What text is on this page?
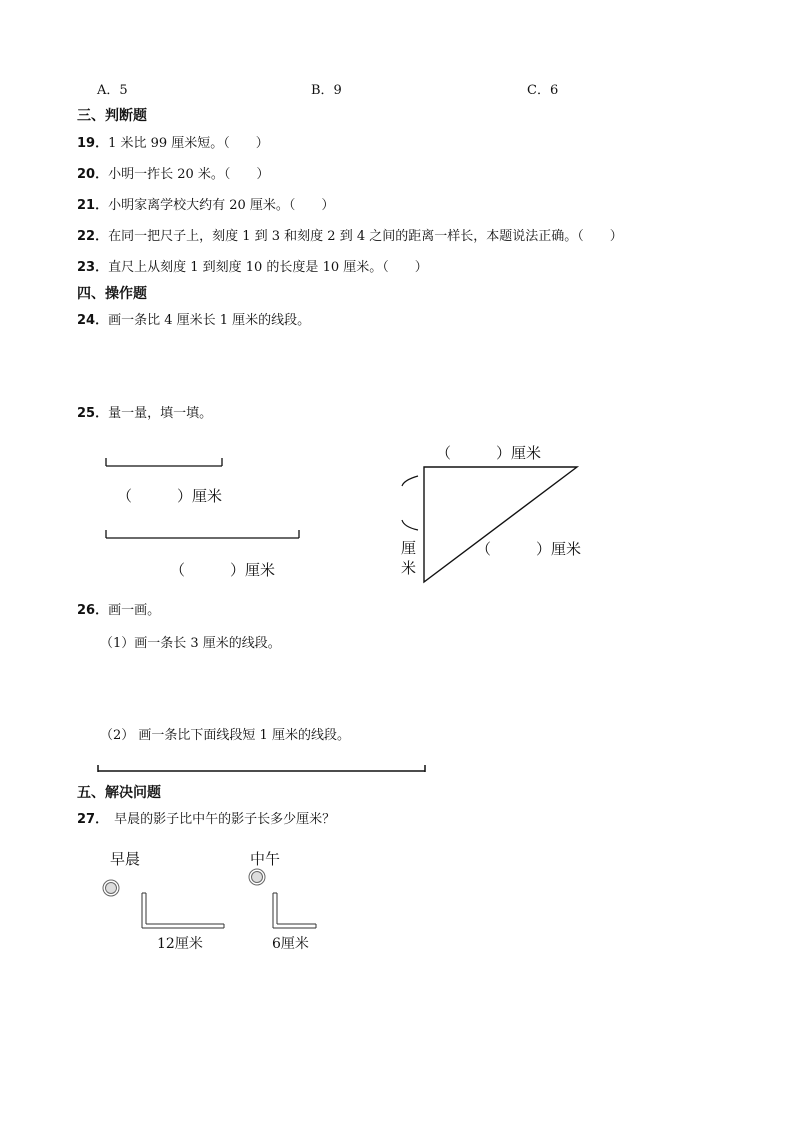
A．5	B．9	C．6
三、判断题
19．1 米比 99 厘米短。（　　）
20．小明一拃长 20 米。（　　）
21．小明家离学校大约有 20 厘米。（　　）
22．在同一把尺子上，刻度 1 到 3 和刻度 2 到 4 之间的距离一样长，本题说法正确。（　　）
23．直尺上从刻度 1 到刻度 10 的长度是 10 厘米。（　　）
四、操作题
24．画一条比 4 厘米长 1 厘米的线段。
25．量一量，填一填。
（　　　）厘米
（　　　）厘米
（　　　）厘米
（　　　）厘米
厘米
26．画一画。
（1）画一条长 3 厘米的线段。
（2） 画一条比下面线段短 1 厘米的线段。
五、解决问题
27． 早晨的影子比中午的影子长多少厘米？
早晨	中午
12厘米	6厘米
